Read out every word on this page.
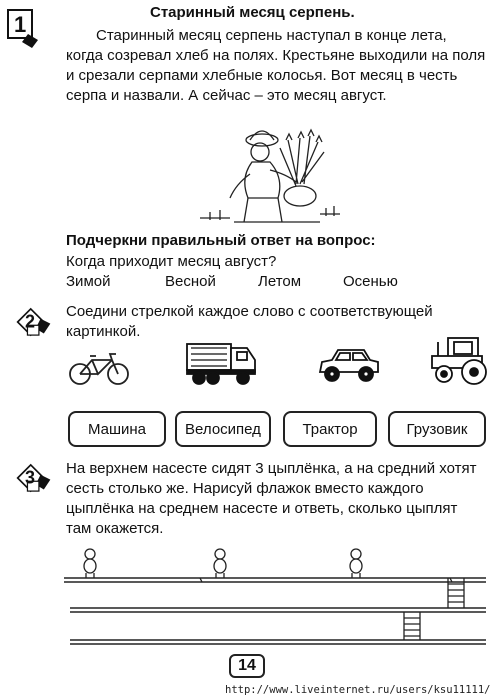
1	Старинный месяц серпень.
Старинный месяц серпень наступал в конце лета, когда созревал хлеб на полях. Крестьяне выходили на поля и срезали серпами хлебные колосья. Вот месяц в честь серпа и назвали. А сейчас – это месяц август.
Подчеркни правильный ответ на вопрос:
Когда приходит месяц август?
Зимой	Весной	Летом	Осенью
2
Соедини стрелкой каждое слово с соответствующей картинкой.
Машина	Велосипед	Трактор	Грузовик
3 На верхнем насесте сидят 3 цыплёнка, а на средний хотят сесть столько же. Нарисуй флажок вместо каждого цыплёнка на среднем насесте и ответь, сколько цыплят там окажется.
14
http://www.liveinternet.ru/users/ksu11111/
